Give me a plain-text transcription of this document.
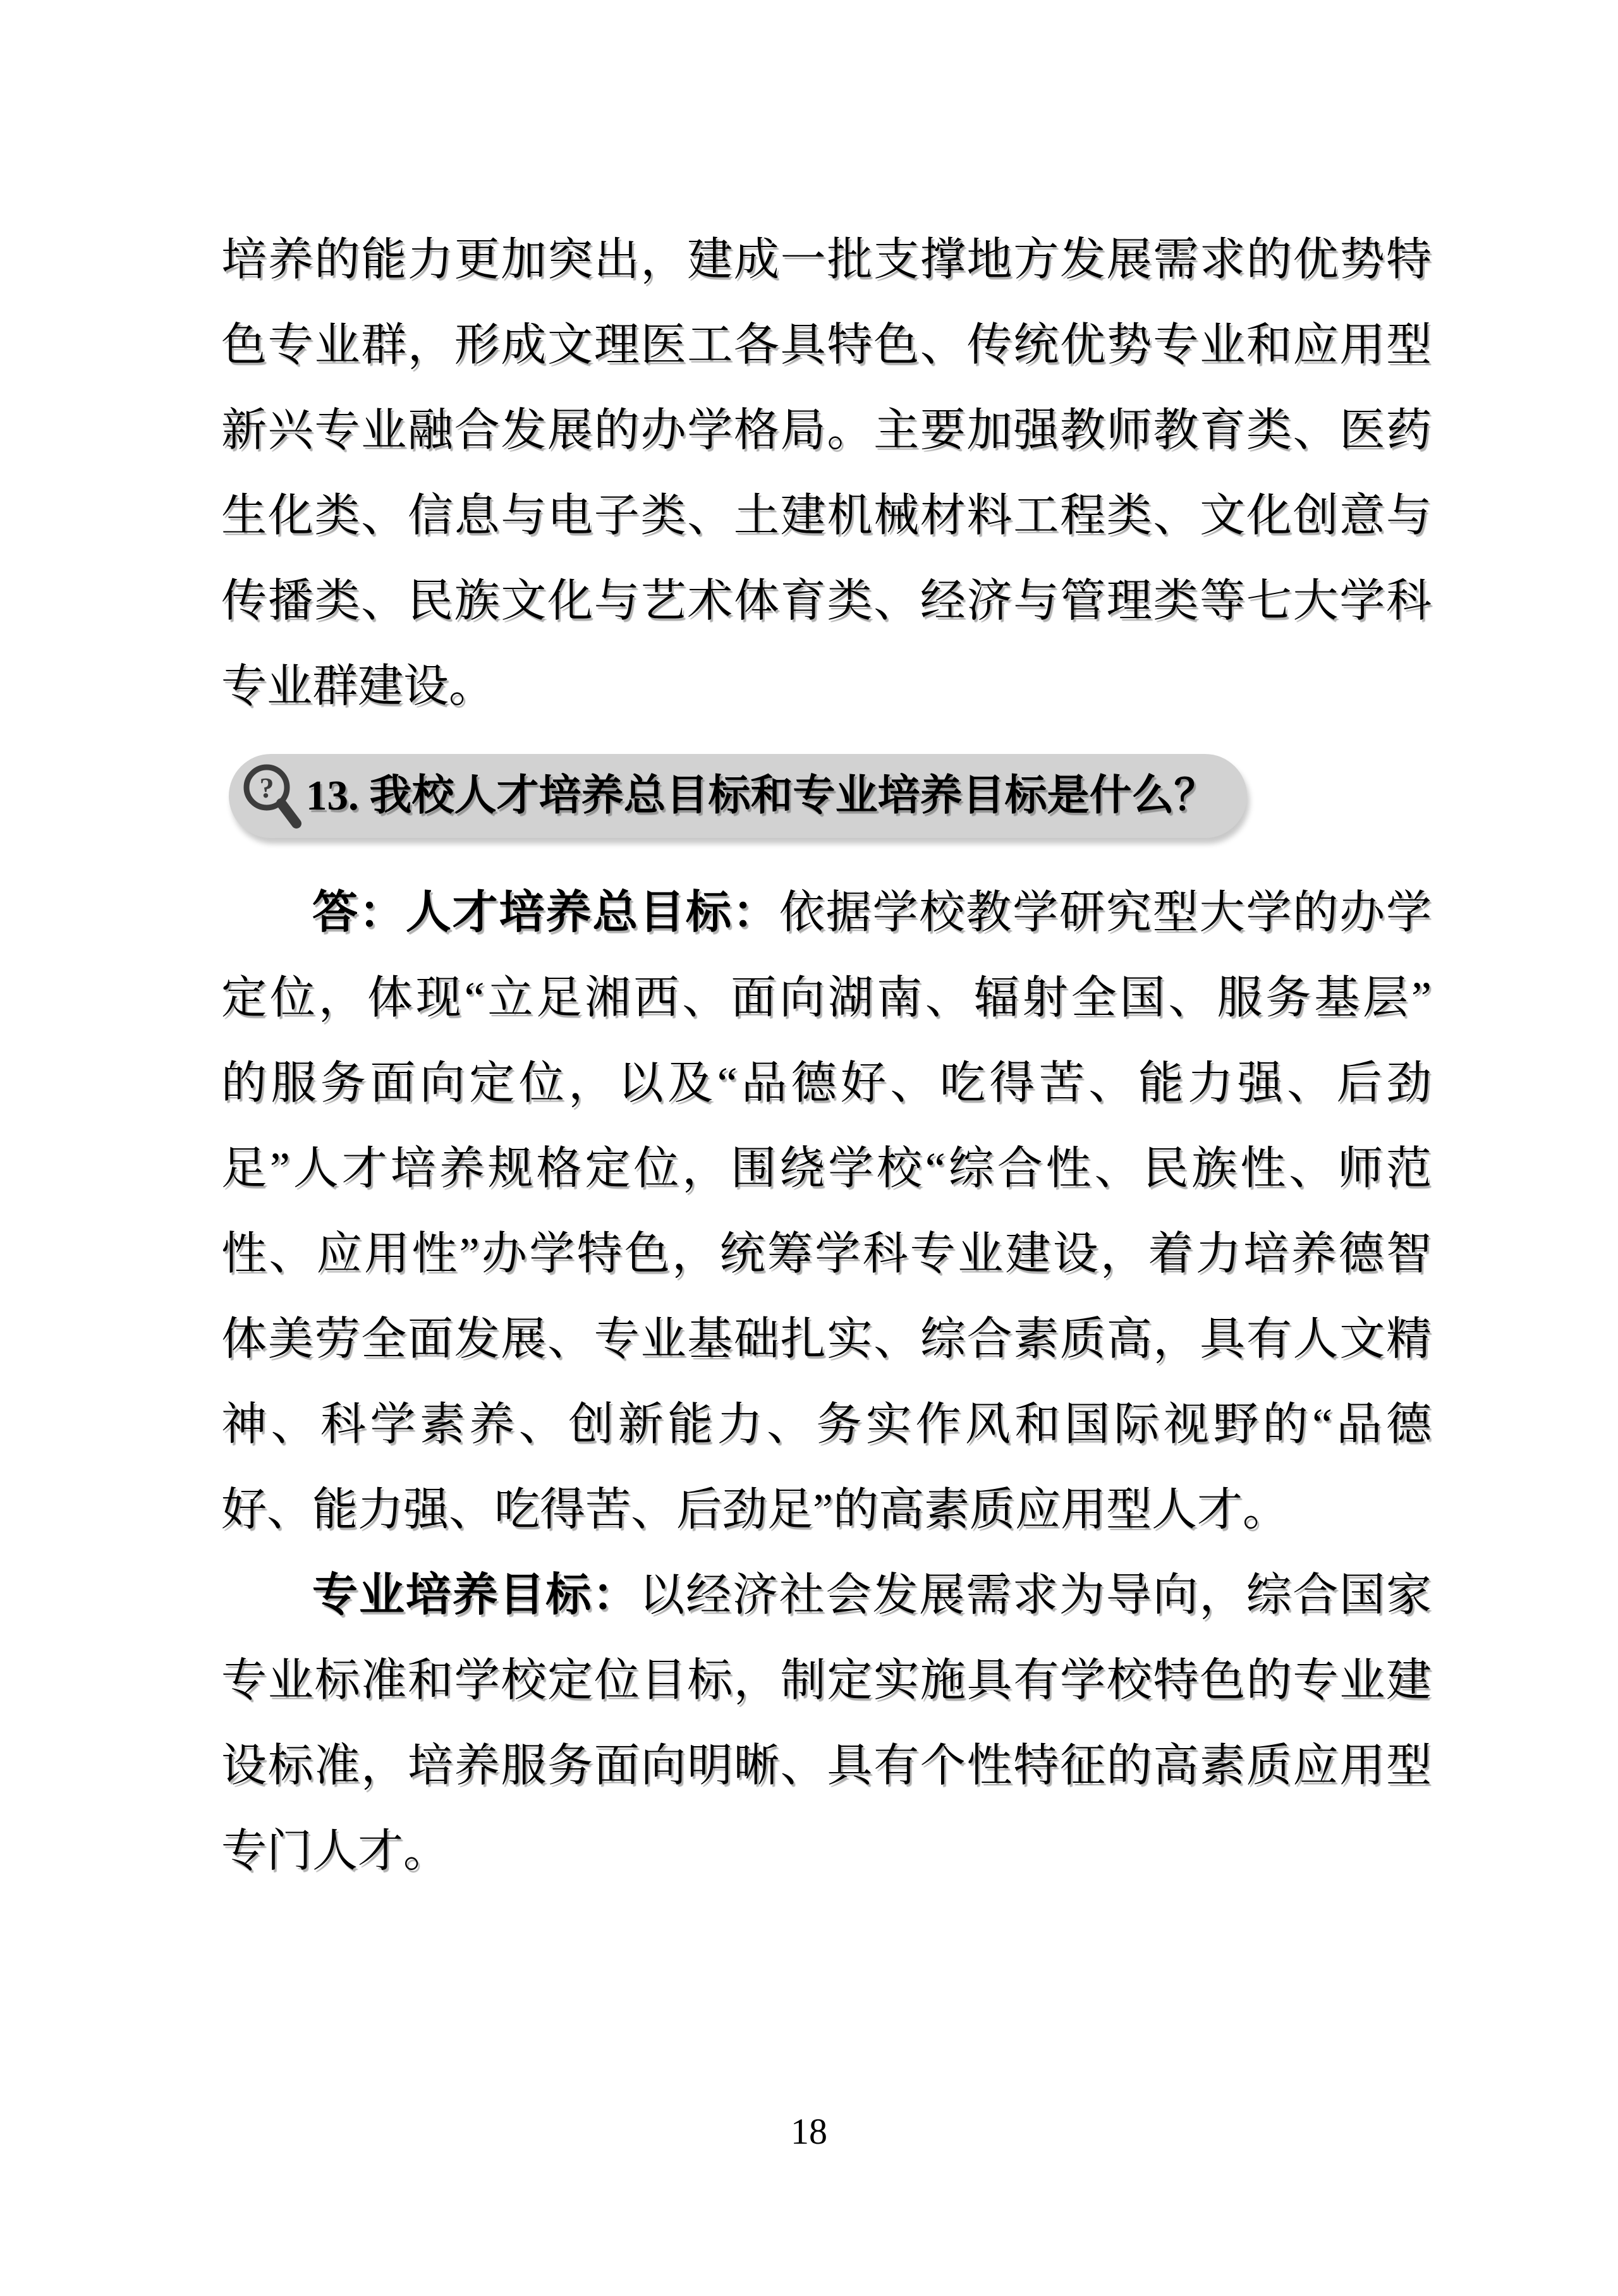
培养的能力更加突出，建成一批支撑地方发展需求的优势特
色专业群，形成文理医工各具特色、传统优势专业和应用型
新兴专业融合发展的办学格局。主要加强教师教育类、医药
生化类、信息与电子类、土建机械材料工程类、文化创意与
传播类、民族文化与艺术体育类、经济与管理类等七大学科
专业群建设。
? 13. 我校人才培养总目标和专业培养目标是什么？
答：人才培养总目标：依据学校教学研究型大学的办学
定位，体现“立足湘西、面向湖南、辐射全国、服务基层”
的服务面向定位，以及“品德好、吃得苦、能力强、后劲
足”人才培养规格定位，围绕学校“综合性、民族性、师范
性、应用性”办学特色，统筹学科专业建设，着力培养德智
体美劳全面发展、专业基础扎实、综合素质高，具有人文精
神、科学素养、创新能力、务实作风和国际视野的“品德
好、能力强、吃得苦、后劲足”的高素质应用型人才。
专业培养目标：以经济社会发展需求为导向，综合国家
专业标准和学校定位目标，制定实施具有学校特色的专业建
设标准，培养服务面向明晰、具有个性特征的高素质应用型
专门人才。
18
